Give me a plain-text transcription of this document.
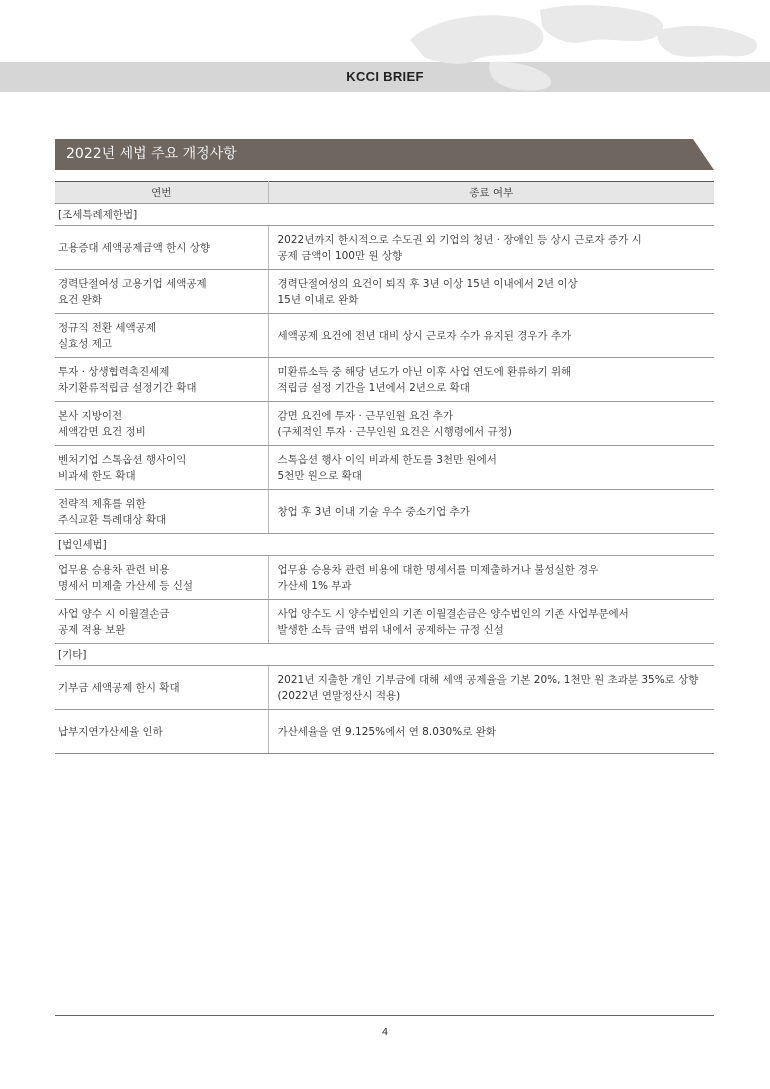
KCCI BRIEF
2022년 세법 주요 개정사항
연번	종료 여부
[조세특례제한법]	
고용증대 세액공제금액 한시 상향	2022년까지 한시적으로 수도권 외 기업의 청년 · 장애인 등 상시 근로자 증가 시
공제 금액이 100만 원 상향
경력단절여성 고용기업 세액공제
요건 완화	경력단절여성의 요건이 퇴직 후 3년 이상 15년 이내에서 2년 이상
15년 이내로 완화
정규직 전환 세액공제
실효성 제고	세액공제 요건에 전년 대비 상시 근로자 수가 유지된 경우가 추가
투자 · 상생협력촉진세제
차기환류적립금 설정기간 확대	미환류소득 중 해당 년도가 아닌 이후 사업 연도에 환류하기 위해
적립금 설정 기간을 1년에서 2년으로 확대
본사 지방이전
세액감면 요건 정비	감면 요건에 투자 · 근무인원 요건 추가
(구체적인 투자 · 근무인원 요건은 시행령에서 규정)
벤처기업 스톡옵션 행사이익
비과세 한도 확대	스톡옵션 행사 이익 비과세 한도를 3천만 원에서
5천만 원으로 확대
전략적 제휴를 위한
주식교환 특례대상 확대	창업 후 3년 이내 기술 우수 중소기업 추가
[법인세법]	
업무용 승용차 관련 비용
명세서 미제출 가산세 등 신설	업무용 승용차 관련 비용에 대한 명세서를 미제출하거나 불성실한 경우
가산세 1% 부과
사업 양수 시 이월결손금
공제 적용 보완	사업 양수도 시 양수법인의 기존 이월결손금은 양수법인의 기존 사업부문에서
발생한 소득 금액 범위 내에서 공제하는 규정 신설
[기타]	
기부금 세액공제 한시 확대	2021년 지출한 개인 기부금에 대해 세액 공제율을 기본 20%, 1천만 원 초과분 35%로 상향
(2022년 연말정산시 적용)
납부지연가산세율 인하	가산세율을 연 9.125%에서 연 8.030%로 완화
4
